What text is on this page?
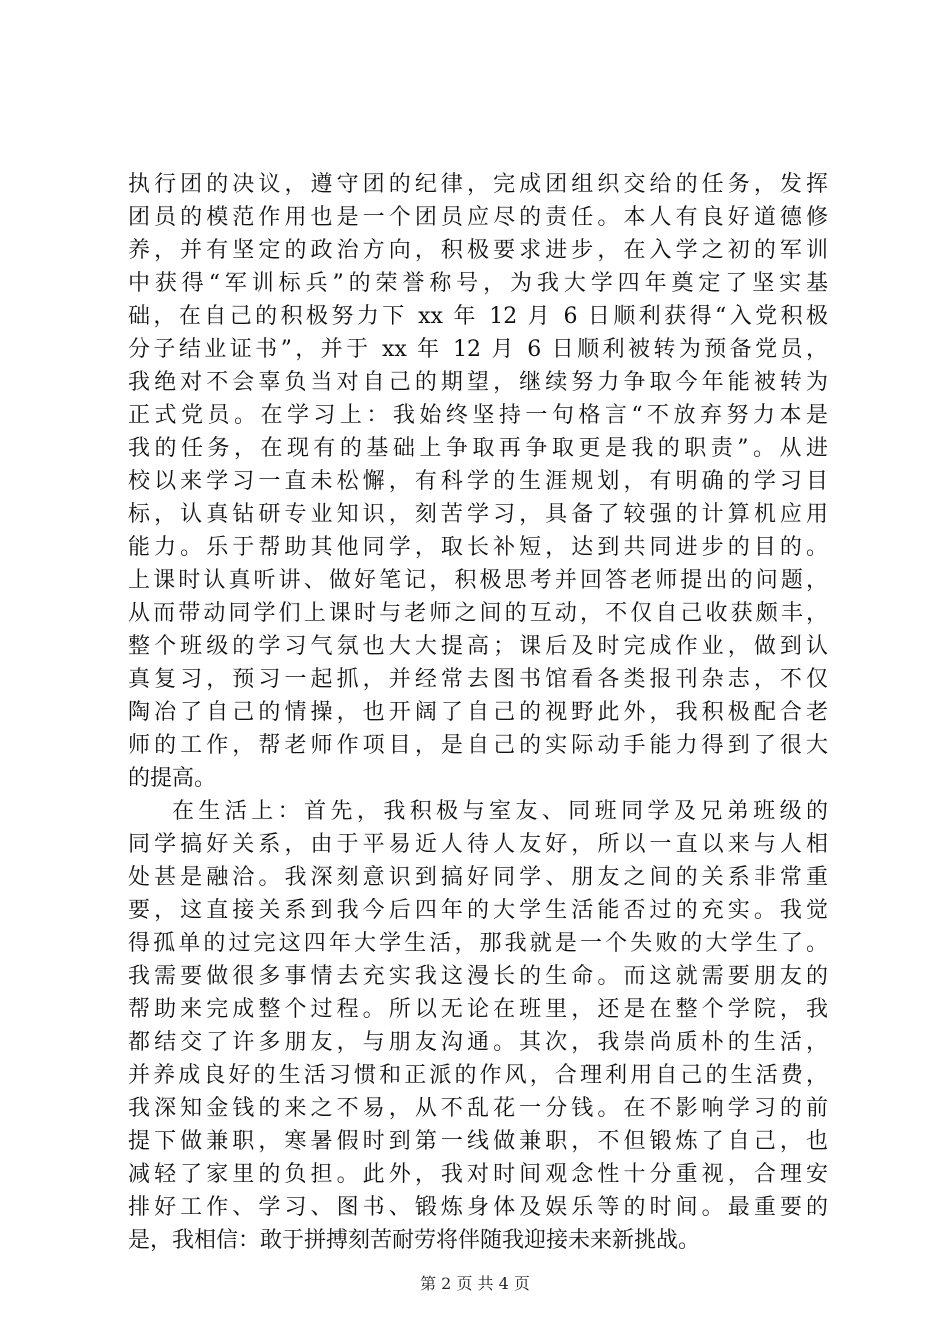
执行团的决议，遵守团的纪律，完成团组织交给的任务，发挥
团员的模范作用也是一个团员应尽的责任。本人有良好道德修
养，并有坚定的政治方向，积极要求进步，在入学之初的军训
中获得“军训标兵”的荣誉称号，为我大学四年奠定了坚实基
础，在自己的积极努力下 xx 年 12 月 6 日顺利获得“入党积极
分子结业证书”，并于 xx 年 12 月 6 日顺利被转为预备党员，
我绝对不会辜负当对自己的期望，继续努力争取今年能被转为
正式党员。在学习上：我始终坚持一句格言“不放弃努力本是
我的任务，在现有的基础上争取再争取更是我的职责”。从进
校以来学习一直未松懈，有科学的生涯规划，有明确的学习目
标，认真钻研专业知识，刻苦学习，具备了较强的计算机应用
能力。乐于帮助其他同学，取长补短，达到共同进步的目的。
上课时认真听讲、做好笔记，积极思考并回答老师提出的问题，
从而带动同学们上课时与老师之间的互动，不仅自己收获颇丰，
整个班级的学习气氛也大大提高；课后及时完成作业，做到认
真复习，预习一起抓，并经常去图书馆看各类报刊杂志，不仅
陶冶了自己的情操，也开阔了自己的视野此外，我积极配合老
师的工作，帮老师作项目，是自己的实际动手能力得到了很大
的提高。
在生活上：首先，我积极与室友、同班同学及兄弟班级的
同学搞好关系，由于平易近人待人友好，所以一直以来与人相
处甚是融洽。我深刻意识到搞好同学、朋友之间的关系非常重
要，这直接关系到我今后四年的大学生活能否过的充实。我觉
得孤单的过完这四年大学生活，那我就是一个失败的大学生了。
我需要做很多事情去充实我这漫长的生命。而这就需要朋友的
帮助来完成整个过程。所以无论在班里，还是在整个学院，我
都结交了许多朋友，与朋友沟通。其次，我崇尚质朴的生活，
并养成良好的生活习惯和正派的作风，合理利用自己的生活费，
我深知金钱的来之不易，从不乱花一分钱。在不影响学习的前
提下做兼职，寒暑假时到第一线做兼职，不但锻炼了自己，也
减轻了家里的负担。此外，我对时间观念性十分重视，合理安
排好工作、学习、图书、锻炼身体及娱乐等的时间。最重要的
是，我相信：敢于拼搏刻苦耐劳将伴随我迎接未来新挑战。
第 2 页 共 4 页
